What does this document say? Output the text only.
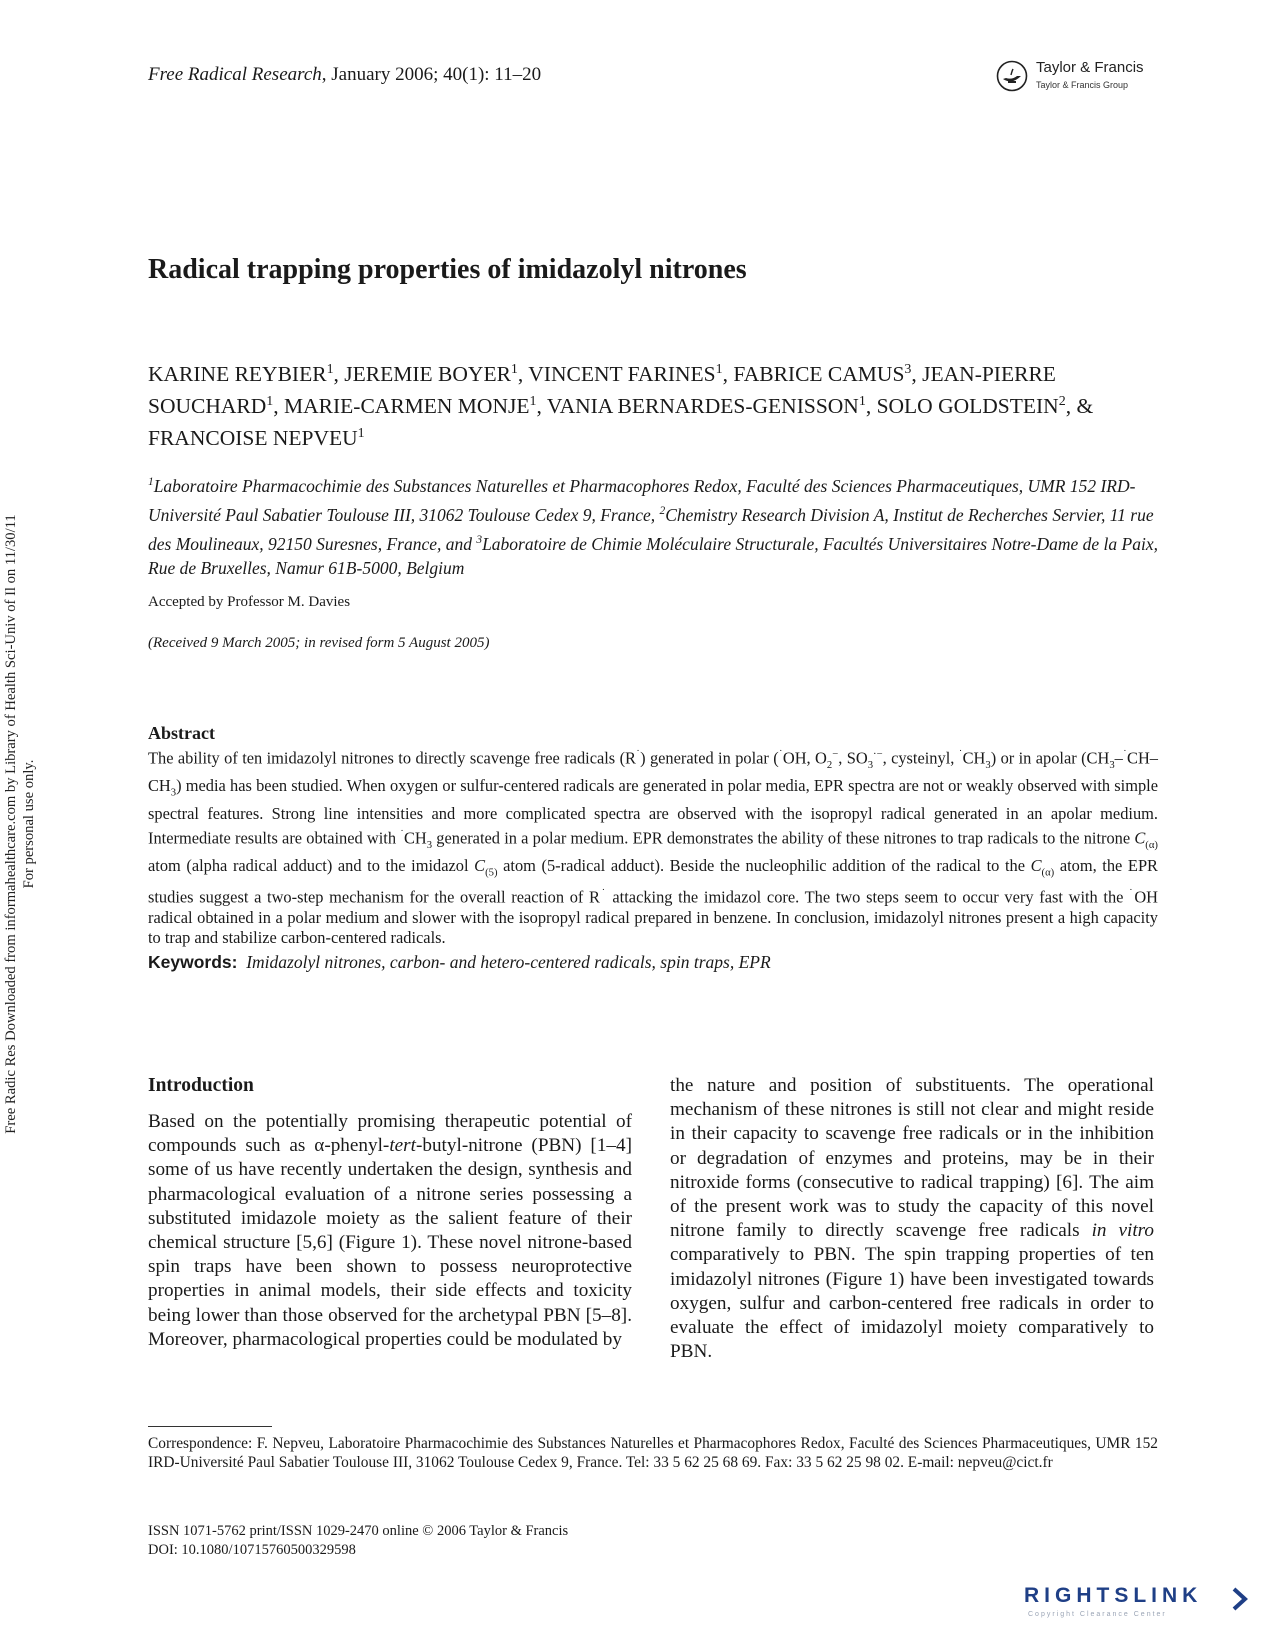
Free Radical Research, January 2006; 40(1): 11–20	Taylor & Francis
Taylor & Francis Group
Radical trapping properties of imidazolyl nitrones
KARINE REYBIER$^1$, JEREMIE BOYER$^1$, VINCENT FARINES$^1$, FABRICE CAMUS$^3$, JEAN-PIERRE SOUCHARD$^1$, MARIE-CARMEN MONJE$^1$, VANIA BERNARDES-GENISSON$^1$, SOLO GOLDSTEIN$^2$, & FRANCOISE NEPVEU$^1$
$^1$Laboratoire Pharmacochimie des Substances Naturelles et Pharmacophores Redox, Faculté des Sciences Pharmaceutiques, UMR 152 IRD-Université Paul Sabatier Toulouse III, 31062 Toulouse Cedex 9, France, $^2$Chemistry Research Division A, Institut de Recherches Servier, 11 rue des Moulineaux, 92150 Suresnes, France, and $^3$Laboratoire de Chimie Moléculaire Structurale, Facultés Universitaires Notre-Dame de la Paix, Rue de Bruxelles, Namur 61B-5000, Belgium
Accepted by Professor M. Davies
(Received 9 March 2005; in revised form 5 August 2005)
Abstract
The ability of ten imidazolyl nitrones to directly scavenge free radicals (R˙) generated in polar (˙OH, $O_2^-$, $SO_3^{\cdot-}$, cysteinyl, $^˙CH_3$) or in apolar $(CH_3-^˙CH-CH_3)$ media has been studied. When oxygen or sulfur-centered radicals are generated in polar media, EPR spectra are not or weakly observed with simple spectral features. Strong line intensities and more complicated spectra are observed with the isopropyl radical generated in an apolar medium. Intermediate results are obtained with $^˙CH_3$ generated in a polar medium. EPR demonstrates the ability of these nitrones to trap radicals to the nitrone $C_{(\alpha)}$ atom (alpha radical adduct) and to the imidazol $C_{(5)}$ atom (5-radical adduct). Beside the nucleophilic addition of the radical to the $C_{(\alpha)}$ atom, the EPR studies suggest a two-step mechanism for the overall reaction of R˙ attacking the imidazol core. The two steps seem to occur very fast with the ˙OH radical obtained in a polar medium and slower with the isopropyl radical prepared in benzene. In conclusion, imidazolyl nitrones present a high capacity to trap and stabilize carbon-centered radicals.
Keywords: Imidazolyl nitrones, carbon- and hetero-centered radicals, spin traps, EPR
Introduction
Based on the potentially promising therapeutic potential of compounds such as α-phenyl-tert-butyl-nitrone (PBN) [1–4] some of us have recently undertaken the design, synthesis and pharmacological evaluation of a nitrone series possessing a substituted imidazole moiety as the salient feature of their chemical structure [5,6] (Figure 1). These novel nitrone-based spin traps have been shown to possess neuroprotective properties in animal models, their side effects and toxicity being lower than those observed for the archetypal PBN [5–8]. Moreover, pharmacological properties could be modulated by
the nature and position of substituents. The operational mechanism of these nitrones is still not clear and might reside in their capacity to scavenge free radicals or in the inhibition or degradation of enzymes and proteins, may be in their nitroxide forms (consecutive to radical trapping) [6]. The aim of the present work was to study the capacity of this novel nitrone family to directly scavenge free radicals in vitro comparatively to PBN. The spin trapping properties of ten imidazolyl nitrones (Figure 1) have been investigated towards oxygen, sulfur and carbon-centered free radicals in order to evaluate the effect of imidazolyl moiety comparatively to PBN.
Correspondence: F. Nepveu, Laboratoire Pharmacochimie des Substances Naturelles et Pharmacophores Redox, Faculté des Sciences Pharmaceutiques, UMR 152 IRD-Université Paul Sabatier Toulouse III, 31062 Toulouse Cedex 9, France. Tel: 33 5 62 25 68 69. Fax: 33 5 62 25 98 02. E-mail: nepveu@cict.fr
ISSN 1071-5762 print/ISSN 1029-2470 online © 2006 Taylor & Francis
DOI: 10.1080/10715760500329598
RIGHTSLINK
Copyright Clearance Center
Free Radic Res Downloaded from informahealthcare.com by Library of Health Sci-Univ of Il on 11/30/11 For personal use only.
